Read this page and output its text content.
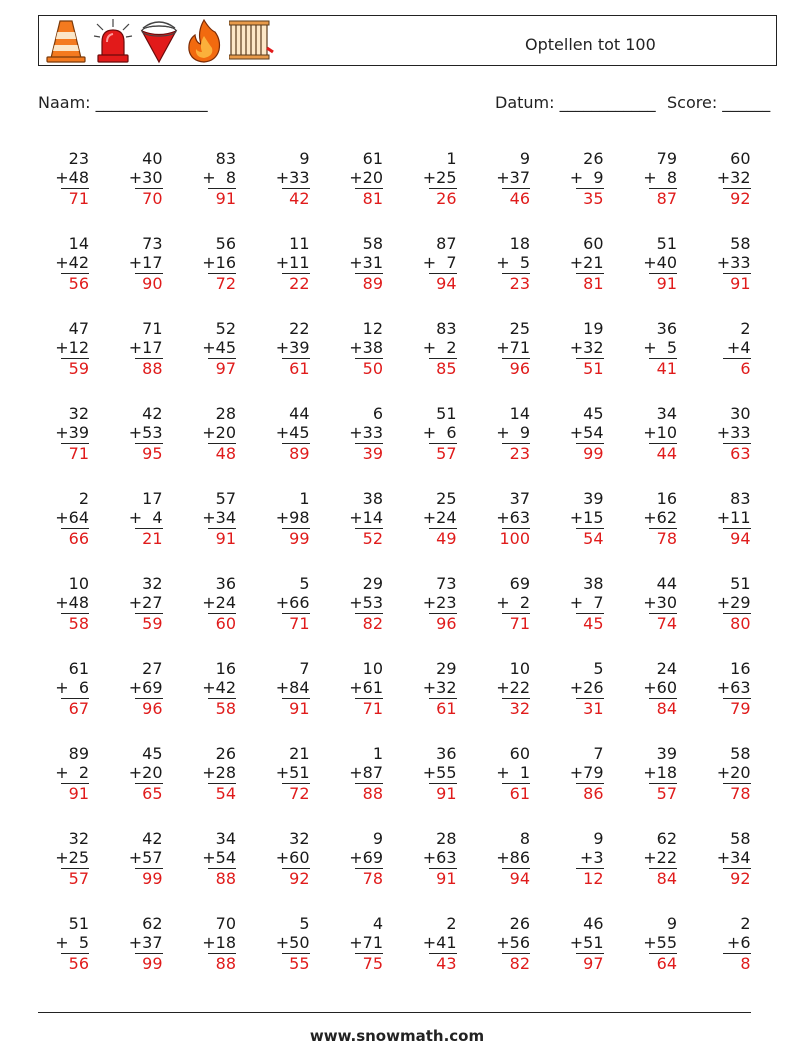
Optellen tot 100
Naam: ______________	Datum: ____________ Score: ______
23
+48
71
40
+30
70
83
+  8
91
9
+33
42
61
+20
81
1
+25
26
9
+37
46
26
+  9
35
79
+  8
87
60
+32
92
14
+42
56
73
+17
90
56
+16
72
11
+11
22
58
+31
89
87
+  7
94
18
+  5
23
60
+21
81
51
+40
91
58
+33
91
47
+12
59
71
+17
88
52
+45
97
22
+39
61
12
+38
50
83
+  2
85
25
+71
96
19
+32
51
36
+  5
41
2
+4
6
32
+39
71
42
+53
95
28
+20
48
44
+45
89
6
+33
39
51
+  6
57
14
+  9
23
45
+54
99
34
+10
44
30
+33
63
2
+64
66
17
+  4
21
57
+34
91
1
+98
99
38
+14
52
25
+24
49
37
+63
100
39
+15
54
16
+62
78
83
+11
94
10
+48
58
32
+27
59
36
+24
60
5
+66
71
29
+53
82
73
+23
96
69
+  2
71
38
+  7
45
44
+30
74
51
+29
80
61
+  6
67
27
+69
96
16
+42
58
7
+84
91
10
+61
71
29
+32
61
10
+22
32
5
+26
31
24
+60
84
16
+63
79
89
+  2
91
45
+20
65
26
+28
54
21
+51
72
1
+87
88
36
+55
91
60
+  1
61
7
+79
86
39
+18
57
58
+20
78
32
+25
57
42
+57
99
34
+54
88
32
+60
92
9
+69
78
28
+63
91
8
+86
94
9
+3
12
62
+22
84
58
+34
92
51
+  5
56
62
+37
99
70
+18
88
5
+50
55
4
+71
75
2
+41
43
26
+56
82
46
+51
97
9
+55
64
2
+6
8
www.snowmath.com
